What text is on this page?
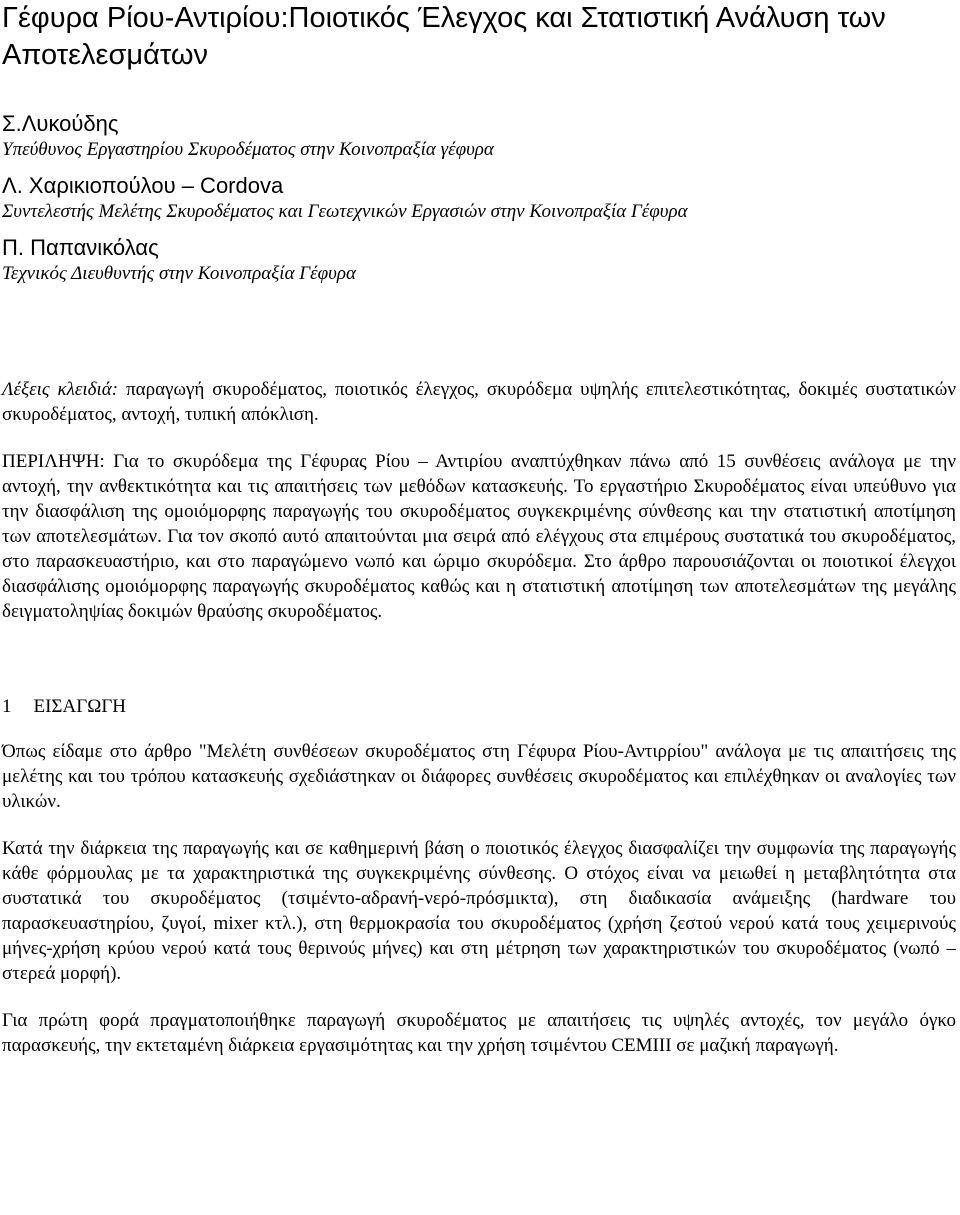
Γέφυρα Ρίου-Αντιρίου:Ποιοτικός Έλεγχος και Στατιστική Ανάλυση των Αποτελεσμάτων
Σ.Λυκούδης
Υπεύθυνος Εργαστηρίου Σκυροδέματος στην Κοινοπραξία γέφυρα
Λ. Χαρικιοπούλου – Cordova
Συντελεστής Μελέτης Σκυροδέματος και Γεωτεχνικών Εργασιών στην Κοινοπραξία Γέφυρα
Π. Παπανικόλας
Τεχνικός Διευθυντής στην Κοινοπραξία Γέφυρα

Λέξεις κλειδιά: παραγωγή σκυροδέματος, ποιοτικός έλεγχος, σκυρόδεμα υψηλής επιτελεστικότητας, δοκιμές συστατικών σκυροδέματος, αντοχή, τυπική απόκλιση.

ΠΕΡΙΛΗΨΗ: Για το σκυρόδεμα της Γέφυρας Ρίου – Αντιρίου αναπτύχθηκαν πάνω από 15 συνθέσεις ανάλογα με την αντοχή, την ανθεκτικότητα και τις απαιτήσεις των μεθόδων κατασκευής. Το εργαστήριο Σκυροδέματος είναι υπεύθυνο για την διασφάλιση της ομοιόμορφης παραγωγής του σκυροδέματος συγκεκριμένης σύνθεσης και την στατιστική αποτίμηση των αποτελεσμάτων. Για τον σκοπό αυτό απαιτούνται μια σειρά από ελέγχους στα επιμέρους συστατικά του σκυροδέματος, στο παρασκευαστήριο, και στο παραγώμενο νωπό και ώριμο σκυρόδεμα. Στο άρθρο παρουσιάζονται οι ποιοτικοί έλεγχοι διασφάλισης ομοιόμορφης παραγωγής σκυροδέματος καθώς και η στατιστική αποτίμηση των αποτελεσμάτων της μεγάλης δειγματοληψίας δοκιμών θραύσης σκυροδέματος.

1 ΕΙΣΑΓΩΓΗ

Όπως είδαμε στο άρθρο "Μελέτη συνθέσεων σκυροδέματος στη Γέφυρα Ρίου-Αντιρρίου" ανάλογα με τις απαιτήσεις της μελέτης και του τρόπου κατασκευής σχεδιάστηκαν οι διάφορες συνθέσεις σκυροδέματος και επιλέχθηκαν οι αναλογίες των υλικών.

Κατά την διάρκεια της παραγωγής και σε καθημερινή βάση ο ποιοτικός έλεγχος διασφαλίζει την συμφωνία της παραγωγής κάθε φόρμουλας με τα χαρακτηριστικά της συγκεκριμένης σύνθεσης. Ο στόχος είναι να μειωθεί η μεταβλητότητα στα συστατικά του σκυροδέματος (τσιμέντο-αδρανή-νερό-πρόσμικτα), στη διαδικασία ανάμειξης (hardware του παρασκευαστηρίου, ζυγοί, mixer κτλ.), στη θερμοκρασία του σκυροδέματος (χρήση ζεστού νερού κατά τους χειμερινούς μήνες-χρήση κρύου νερού κατά τους θερινούς μήνες) και στη μέτρηση των χαρακτηριστικών του σκυροδέματος (νωπό – στερεά μορφή).

Για πρώτη φορά πραγματοποιήθηκε παραγωγή σκυροδέματος με απαιτήσεις τις υψηλές αντοχές, τον μεγάλο όγκο παρασκευής, την εκτεταμένη διάρκεια εργασιμότητας και την χρήση τσιμέντου CEMIII σε μαζική παραγωγή.
